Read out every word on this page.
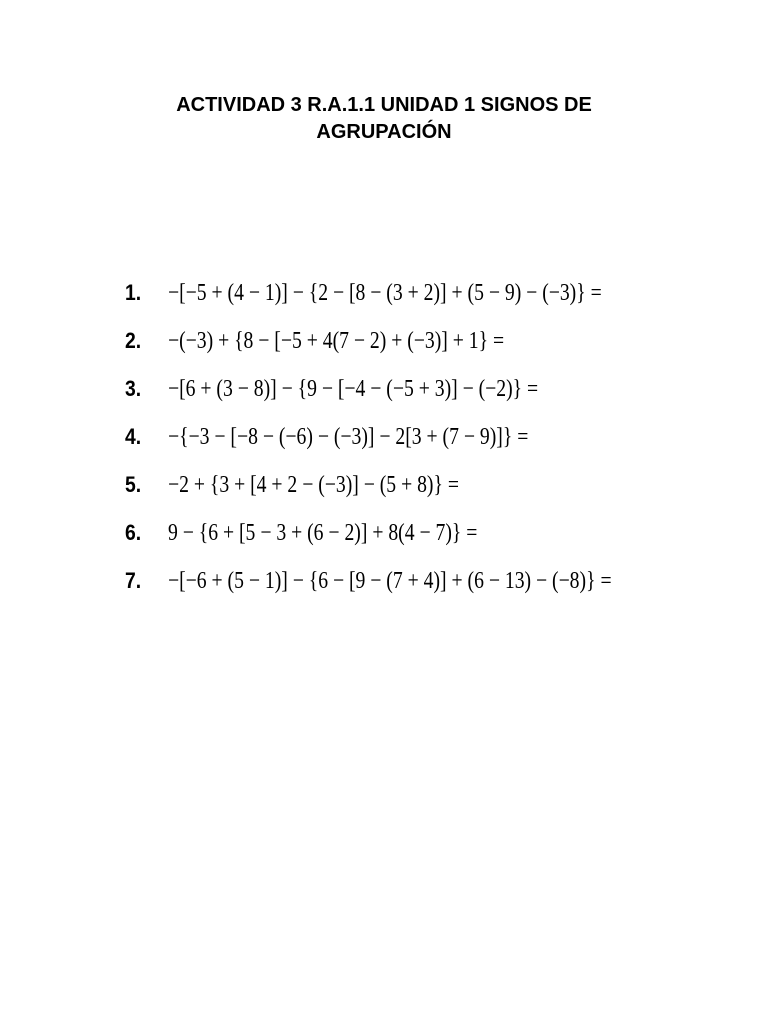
ACTIVIDAD 3 R.A.1.1 UNIDAD 1 SIGNOS DE
AGRUPACIÓN
1. −[−5 + (4 − 1)] − {2 − [8 − (3 + 2)] + (5 − 9) − (−3)} =
2. −(−3) + {8 − [−5 + 4(7 − 2) + (−3)] + 1} =
3. −[6 + (3 − 8)] − {9 − [−4 − (−5 + 3)] − (−2)} =
4. −{−3 − [−8 − (−6) − (−3)] − 2[3 + (7 − 9)]} =
5. −2 + {3 + [4 + 2 − (−3)] − (5 + 8)} =
6. 9 − {6 + [5 − 3 + (6 − 2)] + 8(4 − 7)} =
7. −[−6 + (5 − 1)] − {6 − [9 − (7 + 4)] + (6 − 13) − (−8)} =
